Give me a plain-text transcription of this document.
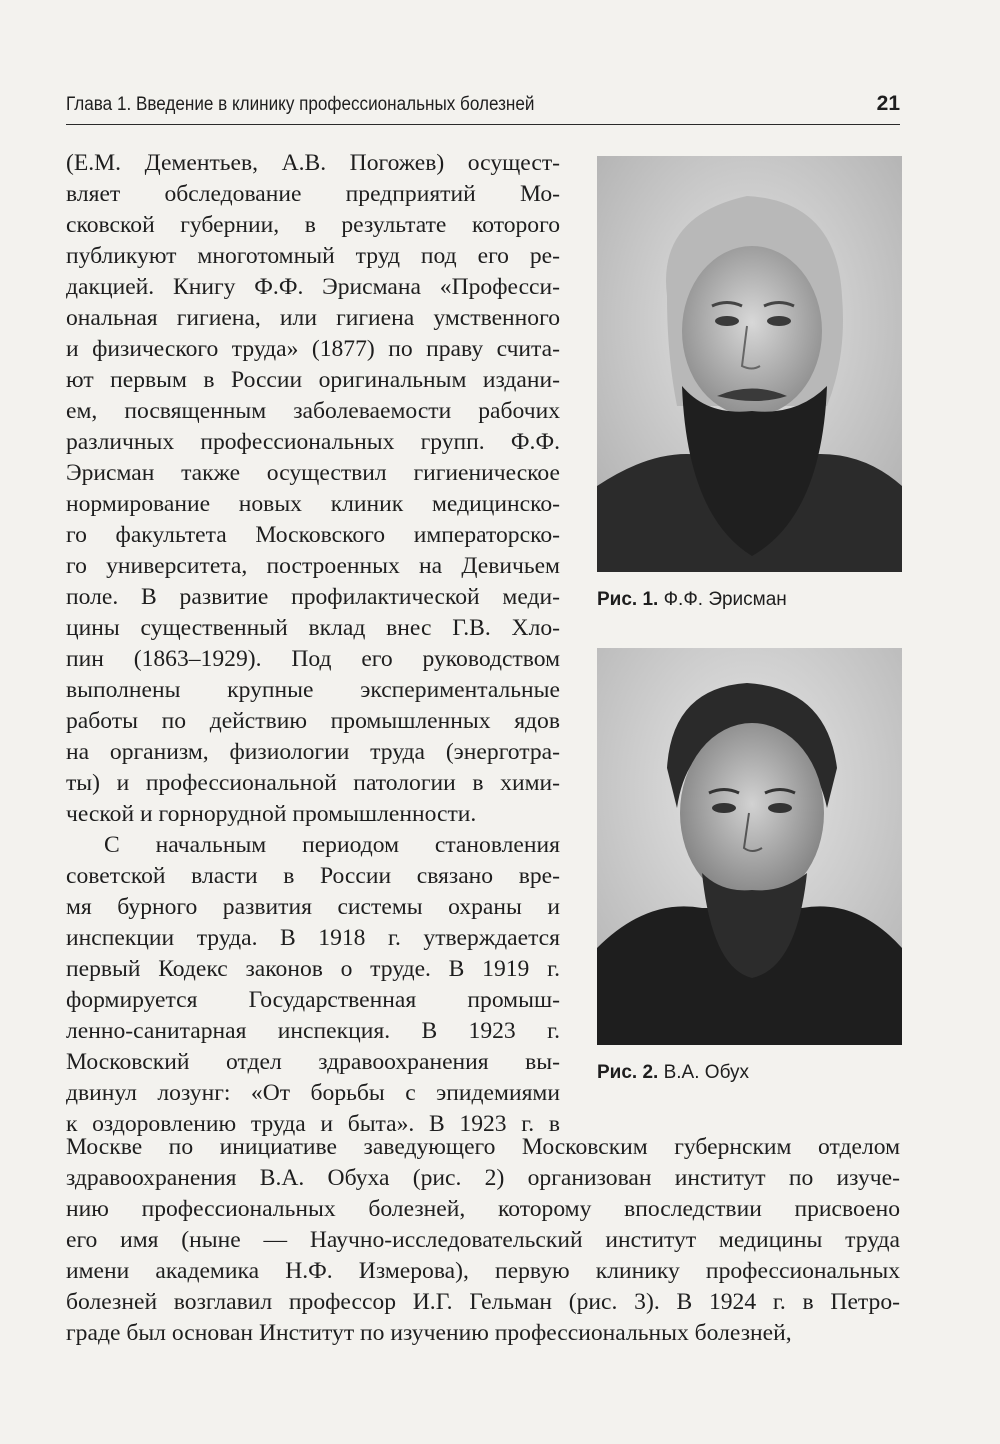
Глава 1. Введение в клинику профессиональных болезней	21

(Е.М. Дементьев, А.В. Погожев) осущест-
вляет обследование предприятий Мо-
сковской губернии, в результате которого
публикуют многотомный труд под его ре-
дакцией. Книгу Ф.Ф. Эрисмана «Професси-
ональная гигиена, или гигиена умственного
и физического труда» (1877) по праву счита-
ют первым в России оригинальным издани-
ем, посвященным заболеваемости рабочих
различных профессиональных групп. Ф.Ф.
Эрисман также осуществил гигиеническое
нормирование новых клиник медицинско-
го факультета Московского императорско-
го университета, построенных на Девичьем
поле. В развитие профилактической меди-
цины существенный вклад внес Г.В. Хло-
пин (1863–1929). Под его руководством
выполнены крупные экспериментальные
работы по действию промышленных ядов
на организм, физиологии труда (энерготра-
ты) и профессиональной патологии в хими-
ческой и горнорудной промышленности.

С начальным периодом становления
советской власти в России связано вре-
мя бурного развития системы охраны и
инспекции труда. В 1918 г. утверждается
первый Кодекс законов о труде. В 1919 г.
формируется Государственная промыш-
ленно-санитарная инспекция. В 1923 г.
Московский отдел здравоохранения вы-
двинул лозунг: «От борьбы с эпидемиями
к оздоровлению труда и быта». В 1923 г. в

Рис. 1. Ф.Ф. Эрисман
Рис. 2. В.А. Обух

Москве по инициативе заведующего Московским губернским отделом
здравоохранения В.А. Обуха (рис. 2) организован институт по изуче-
нию профессиональных болезней, которому впоследствии присвоено
его имя (ныне — Научно-исследовательский институт медицины труда
имени академика Н.Ф. Измерова), первую клинику профессиональных
болезней возглавил профессор И.Г. Гельман (рис. 3). В 1924 г. в Петро-
граде был основан Институт по изучению профессиональных болезней,
